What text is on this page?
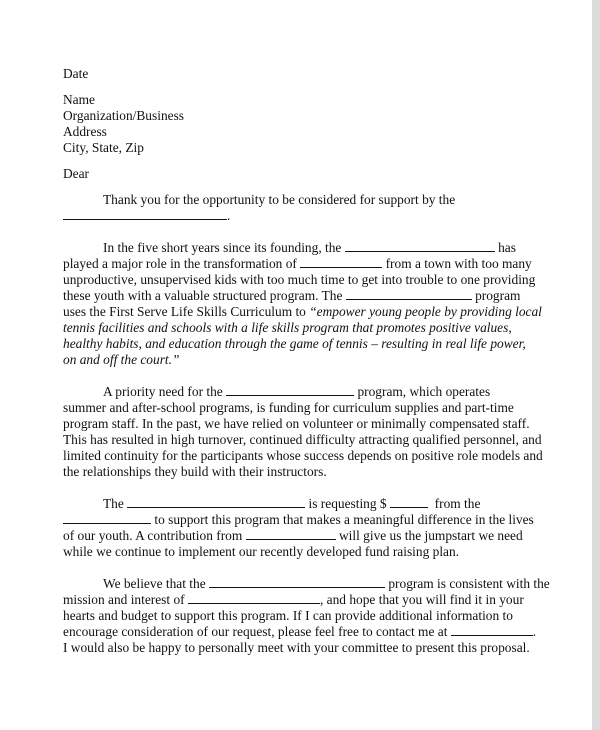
Date
Name
Organization/Business
Address
City, State, Zip
Dear
Thank you for the opportunity to be considered for support by the
.
In the five short years since its founding, the	has
played a major role in the transformation of	from a town with too many
unproductive, unsupervised kids with too much time to get into trouble to one providing
these youth with a valuable structured program. The	program
uses the First Serve Life Skills Curriculum to “empower young people by providing local
tennis facilities and schools with a life skills program that promotes positive values,
healthy habits, and education through the game of tennis – resulting in real life power,
on and off the court.”
A priority need for the	program, which operates
summer and after-school programs, is funding for curriculum supplies and part-time
program staff. In the past, we have relied on volunteer or minimally compensated staff.
This has resulted in high turnover, continued difficulty attracting qualified personnel, and
limited continuity for the participants whose success depends on positive role models and
the relationships they build with their instructors.
The	is requesting $	from the
to support this program that makes a meaningful difference in the lives
of our youth. A contribution from	will give us the jumpstart we need
while we continue to implement our recently developed fund raising plan.
We believe that the	program is consistent with the
mission and interest of	, and hope that you will find it in your
hearts and budget to support this program. If I can provide additional information to
encourage consideration of our request, please feel free to contact me at	.
I would also be happy to personally meet with your committee to present this proposal.
